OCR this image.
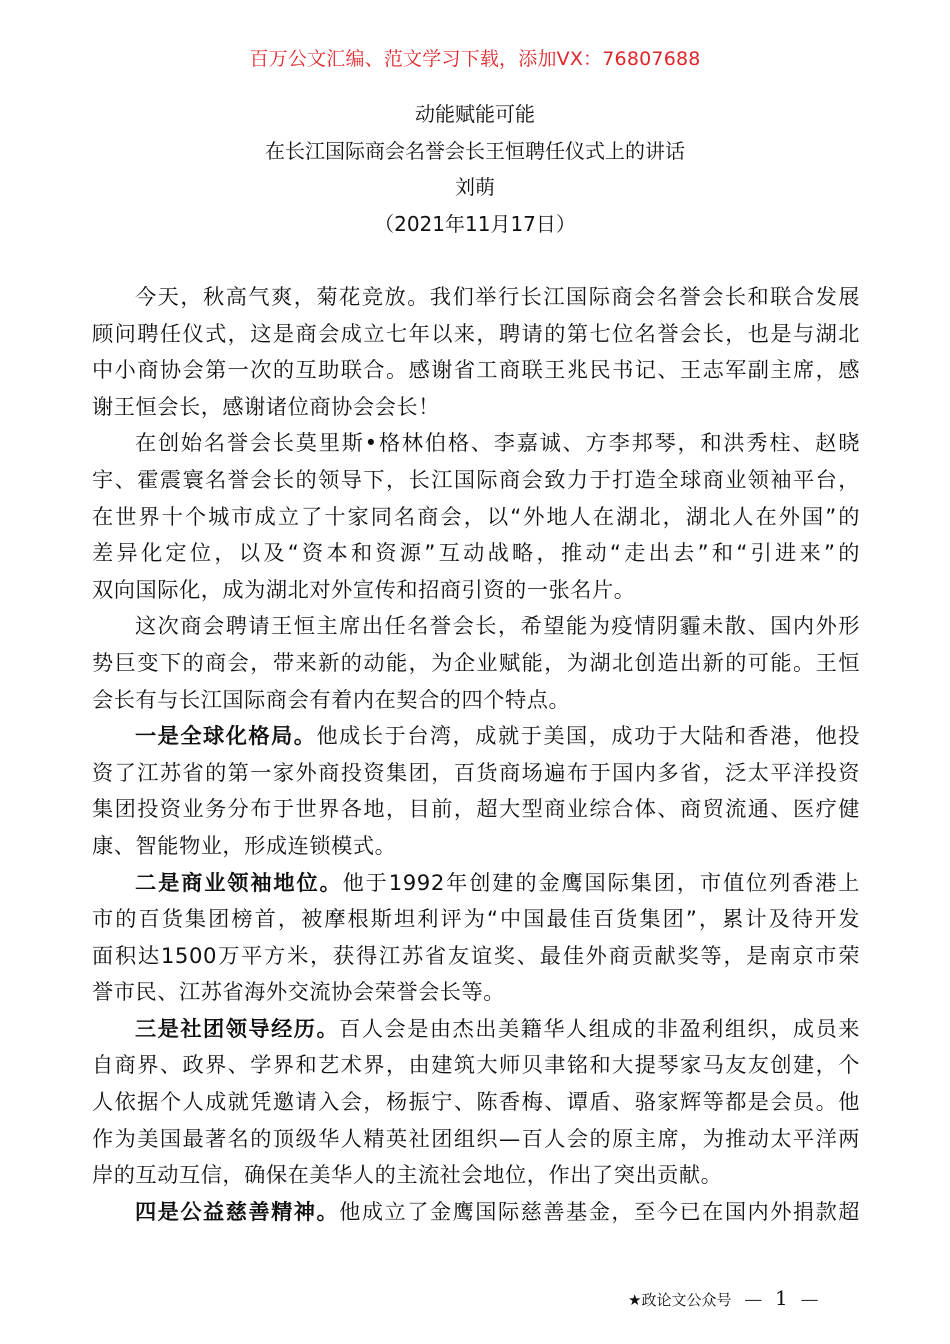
百万公文汇编、范文学习下载，添加VX：76807688
动能赋能可能
在长江国际商会名誉会长王恒聘任仪式上的讲话
刘萌
（2021年11月17日）
今天，秋高气爽，菊花竞放。我们举行长江国际商会名誉会长和联合发展
顾问聘任仪式，这是商会成立七年以来，聘请的第七位名誉会长，也是与湖北
中小商协会第一次的互助联合。感谢省工商联王兆民书记、王志军副主席，感
谢王恒会长，感谢诸位商协会会长！
在创始名誉会长莫里斯•格林伯格、李嘉诚、方李邦琴，和洪秀柱、赵晓
宇、霍震寰名誉会长的领导下，长江国际商会致力于打造全球商业领袖平台，
在世界十个城市成立了十家同名商会，以“外地人在湖北，湖北人在外国”的
差异化定位，以及“资本和资源”互动战略，推动“走出去”和“引进来”的
双向国际化，成为湖北对外宣传和招商引资的一张名片。
这次商会聘请王恒主席出任名誉会长，希望能为疫情阴霾未散、国内外形
势巨变下的商会，带来新的动能，为企业赋能，为湖北创造出新的可能。王恒
会长有与长江国际商会有着内在契合的四个特点。
一是全球化格局。他成长于台湾，成就于美国，成功于大陆和香港，他投
资了江苏省的第一家外商投资集团，百货商场遍布于国内多省，泛太平洋投资
集团投资业务分布于世界各地，目前，超大型商业综合体、商贸流通、医疗健
康、智能物业，形成连锁模式。
二是商业领袖地位。他于1992年创建的金鹰国际集团，市值位列香港上
市的百货集团榜首，被摩根斯坦利评为“中国最佳百货集团”，累计及待开发
面积达1500万平方米，获得江苏省友谊奖、最佳外商贡献奖等，是南京市荣
誉市民、江苏省海外交流协会荣誉会长等。
三是社团领导经历。百人会是由杰出美籍华人组成的非盈利组织，成员来
自商界、政界、学界和艺术界，由建筑大师贝聿铭和大提琴家马友友创建，个
人依据个人成就凭邀请入会，杨振宁、陈香梅、谭盾、骆家辉等都是会员。他
作为美国最著名的顶级华人精英社团组织—百人会的原主席，为推动太平洋两
岸的互动互信，确保在美华人的主流社会地位，作出了突出贡献。
四是公益慈善精神。他成立了金鹰国际慈善基金，至今已在国内外捐款超
★政论文公众号 — 1 —
